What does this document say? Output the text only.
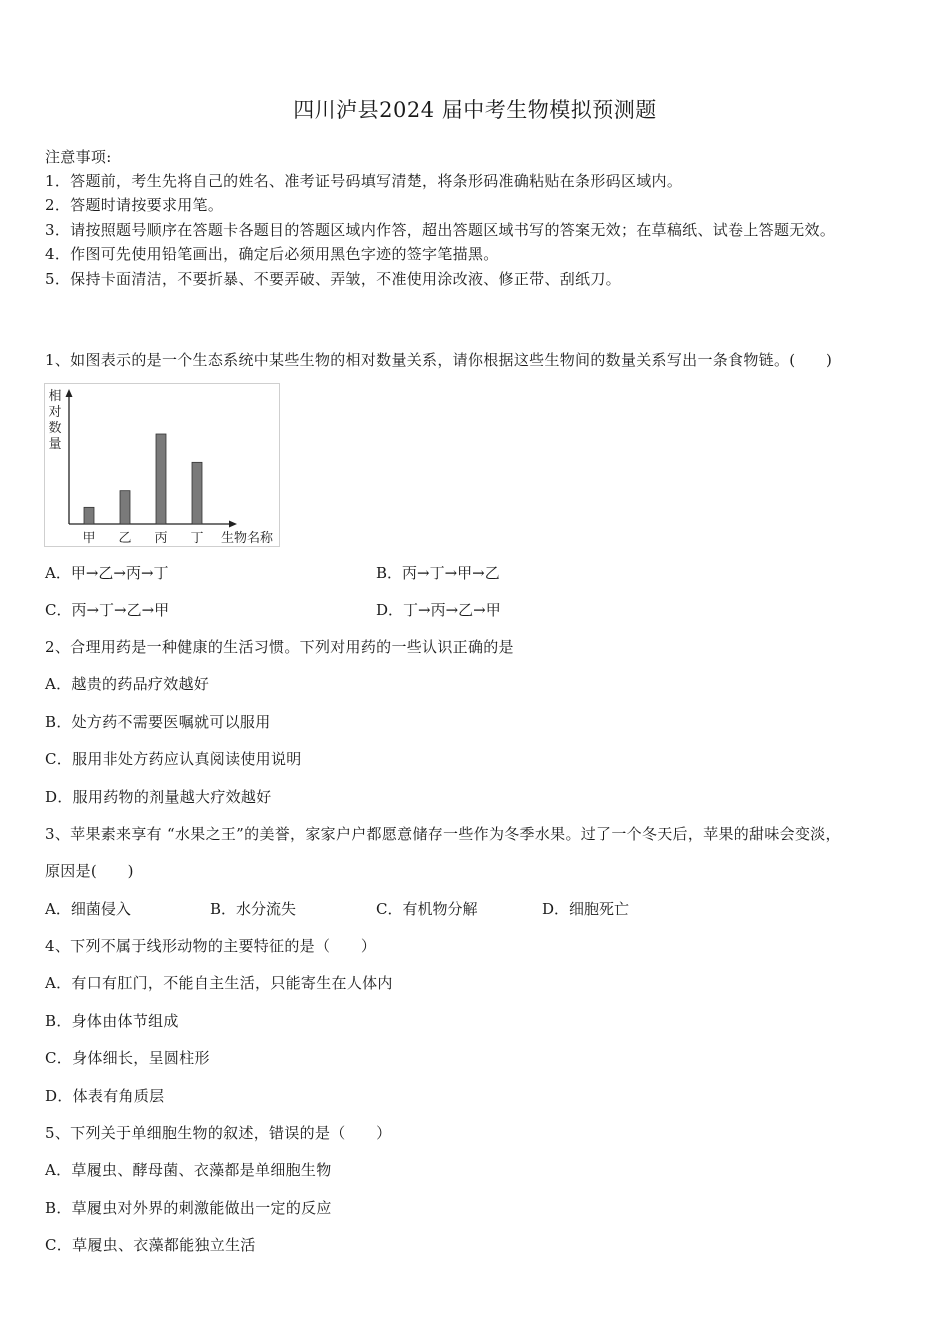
四川泸县2024 届中考生物模拟预测题
注意事项:
1．答题前，考生先将自己的姓名、准考证号码填写清楚，将条形码准确粘贴在条形码区域内。
2．答题时请按要求用笔。
3．请按照题号顺序在答题卡各题目的答题区域内作答，超出答题区域书写的答案无效；在草稿纸、试卷上答题无效。
4．作图可先使用铅笔画出，确定后必须用黑色字迹的签字笔描黑。
5．保持卡面清洁，不要折暴、不要弄破、弄皱，不准使用涂改液、修正带、刮纸刀。
1、如图表示的是一个生态系统中某些生物的相对数量关系，请你根据这些生物间的数量关系写出一条食物链。(　　)
相
对
数
量
甲 乙 丙 丁 生物名称
A．甲→乙→丙→丁	B．丙→丁→甲→乙
C．丙→丁→乙→甲	D．丁→丙→乙→甲
2、合理用药是一种健康的生活习惯。下列对用药的一些认识正确的是
A．越贵的药品疗效越好
B．处方药不需要医嘱就可以服用
C．服用非处方药应认真阅读使用说明
D．服用药物的剂量越大疗效越好
3、苹果素来享有 “水果之王”的美誉，家家户户都愿意储存一些作为冬季水果。过了一个冬天后，苹果的甜味会变淡，
原因是(　　)
A．细菌侵入	B．水分流失	C．有机物分解	D．细胞死亡
4、下列不属于线形动物的主要特征的是（　　）
A．有口有肛门，不能自主生活，只能寄生在人体内
B．身体由体节组成
C．身体细长，呈圆柱形
D．体表有角质层
5、下列关于单细胞生物的叙述，错误的是（　　）
A．草履虫、酵母菌、衣藻都是单细胞生物
B．草履虫对外界的刺激能做出一定的反应
C．草履虫、衣藻都能独立生活
